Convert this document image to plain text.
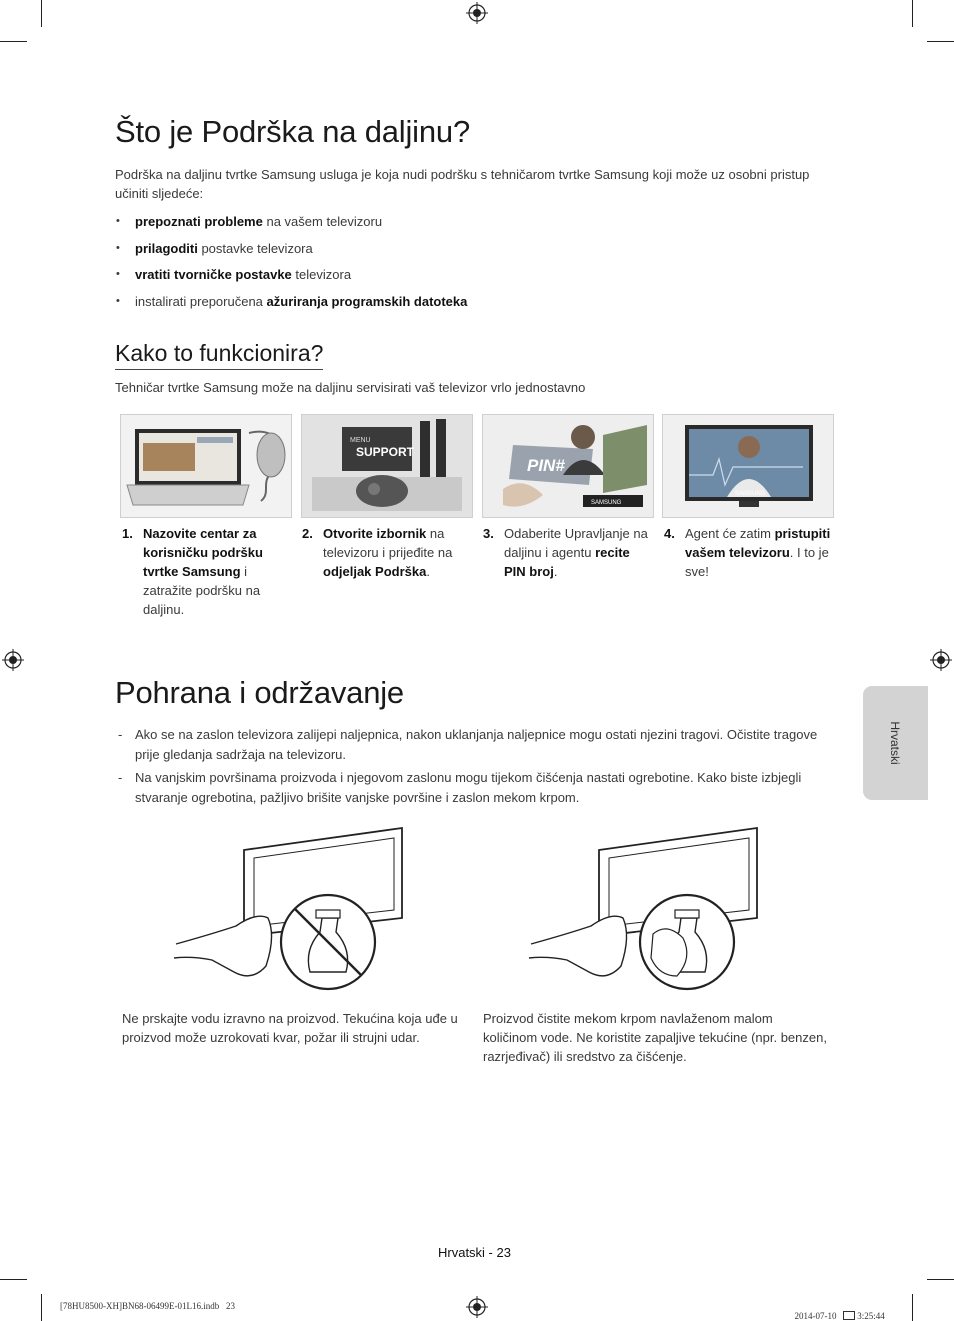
Što je Podrška na daljinu?

Podrška na daljinu tvrtke Samsung usluga je koja nudi podršku s tehničarom tvrtke Samsung koji može uz osobni pristup učiniti sljedeće:

• prepoznati probleme na vašem televizoru
• prilagoditi postavke televizora
• vratiti tvorničke postavke televizora
• instalirati preporučena ažuriranja programskih datoteka
Kako to funkcionira?

Tehničar tvrtke Samsung može na daljinu servisirati vaš televizor vrlo jednostavno

MENU
SUPPORT
PIN#
SAMSUNG
SAMSUNG
1. Nazovite centar za korisničku podršku tvrtke Samsung i zatražite podršku na daljinu.
2. Otvorite izbornik na televizoru i prijeđite na odjeljak Podrška.
3. Odaberite Upravljanje na daljinu i agentu recite PIN broj.
4. Agent će zatim pristupiti vašem televizoru. I to je sve!
Pohrana i održavanje
- Ako se na zaslon televizora zalijepi naljepnica, nakon uklanjanja naljepnice mogu ostati njezini tragovi. Očistite tragove prije gledanja sadržaja na televizoru.
- Na vanjskim površinama proizvoda i njegovom zaslonu mogu tijekom čišćenja nastati ogrebotine. Kako biste izbjegli stvaranje ogrebotina, pažljivo brišite vanjske površine i zaslon mekom krpom.

Ne prskajte vodu izravno na proizvod. Tekućina koja uđe u proizvod može uzrokovati kvar, požar ili strujni udar.

Proizvod čistite mekom krpom navlaženom malom količinom vode. Ne koristite zapaljive tekućine (npr. benzen, razrjeđivač) ili sredstvo za čišćenje.

Hrvatski
Hrvatski - 23
[78HU8500-XH]BN68-06499E-01L16.indb   23

2014-07-10   3:25:44
